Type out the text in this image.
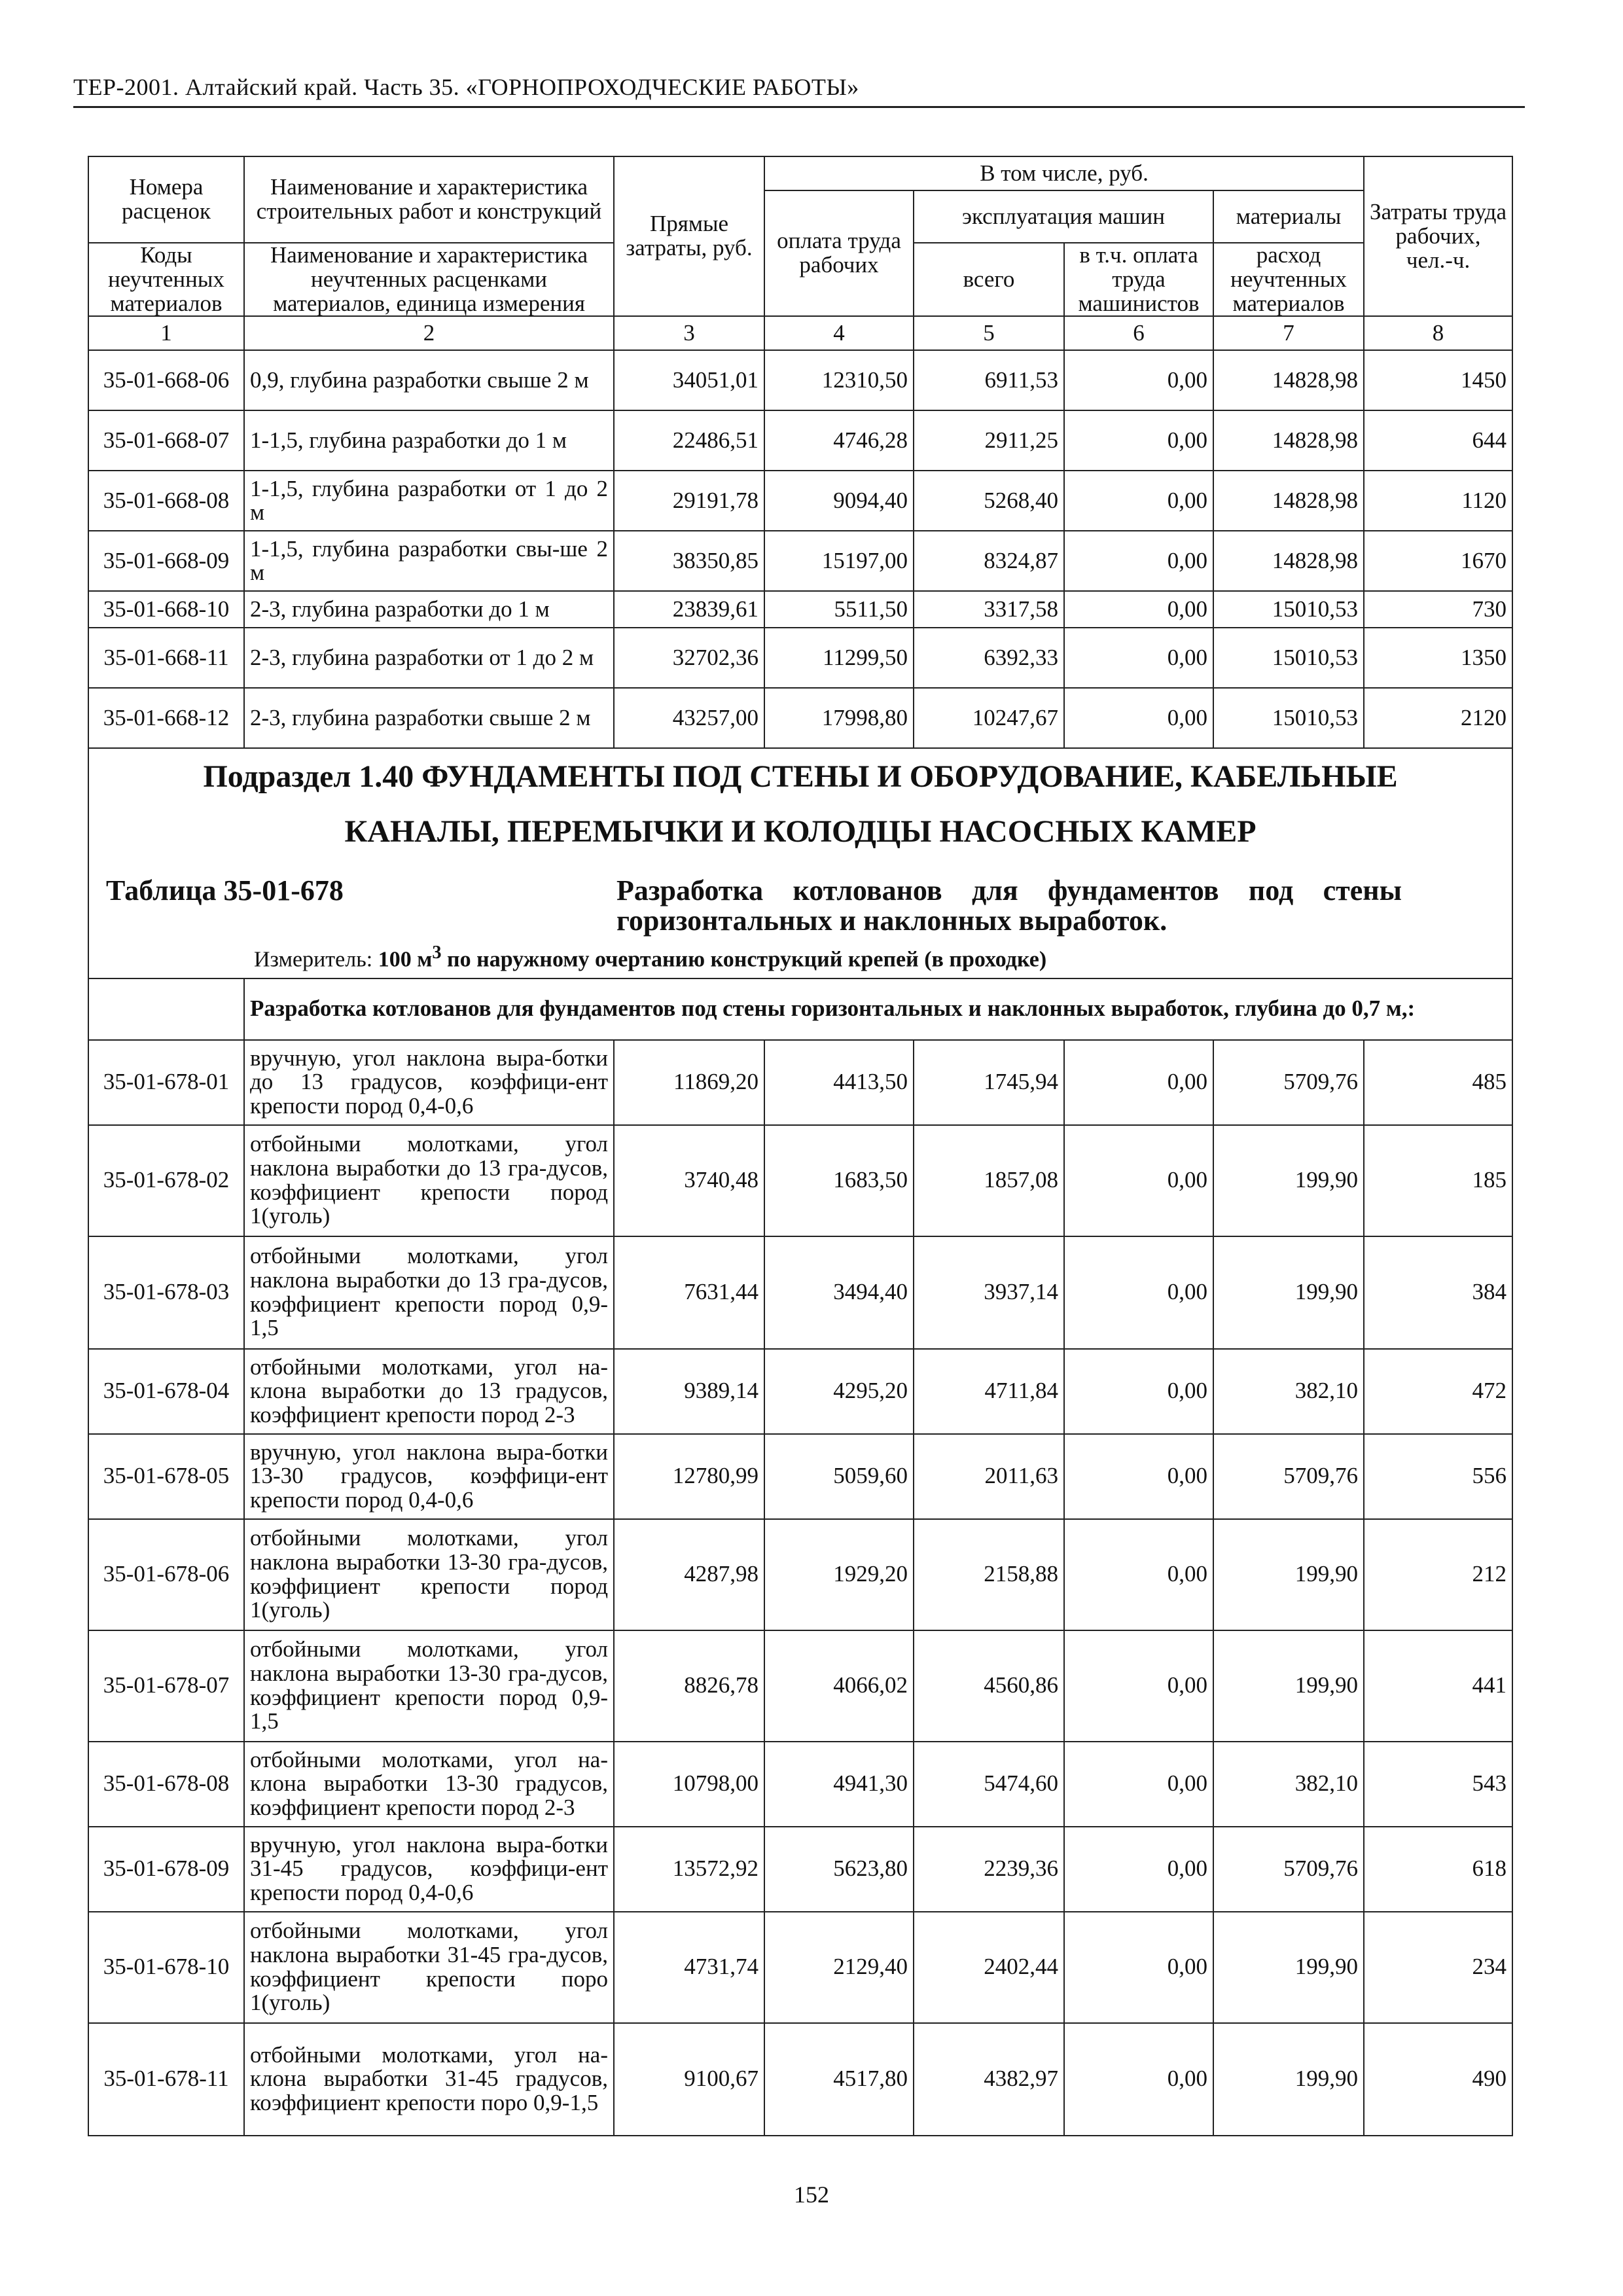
ТЕР-2001. Алтайский край. Часть 35. «ГОРНОПРОХОДЧЕСКИЕ РАБОТЫ»
Номера расценок	Наименование и характеристика строительных работ и конструкций	Прямые затраты, руб.	В том числе, руб.				Затраты труда рабочих, чел.-ч.
			оплата труда рабочих	эксплуатация машин		материалы	
Коды неучтенных материалов	Наименование и характеристика неучтенных расценками материалов, единица измерения			всего	в т.ч. оплата труда машинистов	расход неучтенных материалов	
1	2	3	4	5	6	7	8
35-01-668-06	0,9, глубина разработки свыше 2 м	34051,01	12310,50	6911,53	0,00	14828,98	1450
35-01-668-07	1-1,5, глубина разработки до 1 м	22486,51	4746,28	2911,25	0,00	14828,98	644
35-01-668-08	1-1,5, глубина разработки от 1 до 2 м	29191,78	9094,40	5268,40	0,00	14828,98	1120
35-01-668-09	1-1,5, глубина разработки свы-ше 2 м	38350,85	15197,00	8324,87	0,00	14828,98	1670
35-01-668-10	2-3, глубина разработки до 1 м	23839,61	5511,50	3317,58	0,00	15010,53	730
35-01-668-11	2-3, глубина разработки от 1 до 2 м	32702,36	11299,50	6392,33	0,00	15010,53	1350
35-01-668-12	2-3, глубина разработки свыше 2 м	43257,00	17998,80	10247,67	0,00	15010,53	2120

Подраздел 1.40 ФУНДАМЕНТЫ ПОД СТЕНЫ И ОБОРУДОВАНИЕ, КАБЕЛЬНЫЕ
КАНАЛЫ, ПЕРЕМЫЧКИ И КОЛОДЦЫ НАСОСНЫХ КАМЕР
Таблица 35-01-678 Разработка котлованов для фундаментов под стены горизонтальных и наклонных выработок.
Измеритель: 100 $м^3$ по наружному очертанию конструкций крепей (в проходке)							

	Разработка котлованов для фундаментов под стены горизонтальных и наклонных выработок, глубина до 0,7 м,:						
35-01-678-01	вручную, угол наклона выра-ботки до 13 градусов, коэффици-ент крепости пород 0,4-0,6	11869,20	4413,50	1745,94	0,00	5709,76	485
35-01-678-02	отбойными молотками, угол наклона выработки до 13 гра-дусов, коэффициент крепости пород 1(уголь)	3740,48	1683,50	1857,08	0,00	199,90	185
35-01-678-03	отбойными молотками, угол наклона выработки до 13 гра-дусов, коэффициент крепости пород 0,9-1,5	7631,44	3494,40	3937,14	0,00	199,90	384
35-01-678-04	отбойными молотками, угол на-клона выработки до 13 градусов, коэффициент крепости пород 2-3	9389,14	4295,20	4711,84	0,00	382,10	472
35-01-678-05	вручную, угол наклона выра-ботки 13-30 градусов, коэффици-ент крепости пород 0,4-0,6	12780,99	5059,60	2011,63	0,00	5709,76	556
35-01-678-06	отбойными молотками, угол наклона выработки 13-30 гра-дусов, коэффициент крепости пород 1(уголь)	4287,98	1929,20	2158,88	0,00	199,90	212
35-01-678-07	отбойными молотками, угол наклона выработки 13-30 гра-дусов, коэффициент крепости пород 0,9-1,5	8826,78	4066,02	4560,86	0,00	199,90	441
35-01-678-08	отбойными молотками, угол на-клона выработки 13-30 градусов, коэффициент крепости пород 2-3	10798,00	4941,30	5474,60	0,00	382,10	543
35-01-678-09	вручную, угол наклона выра-ботки 31-45 градусов, коэффици-ент крепости пород 0,4-0,6	13572,92	5623,80	2239,36	0,00	5709,76	618
35-01-678-10	отбойными молотками, угол наклона выработки 31-45 гра-дусов, коэффициент крепости поро 1(уголь)	4731,74	2129,40	2402,44	0,00	199,90	234
35-01-678-11	отбойными молотками, угол на-клона выработки 31-45 градусов, коэффициент крепости поро 0,9-1,5	9100,67	4517,80	4382,97	0,00	199,90	490
152
